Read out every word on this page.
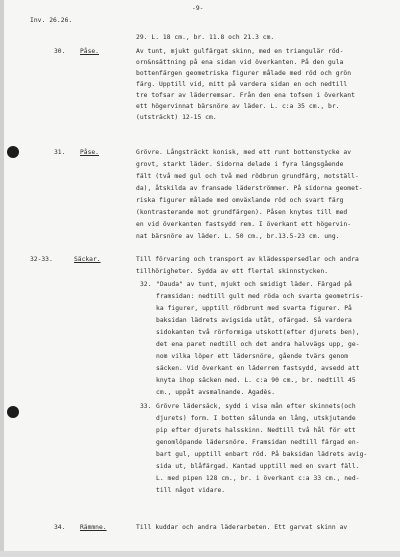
Inv. 26.26.
-9-
29. L. 18 cm., br. 11.8 och 21.3 cm.
30. Påse.	Av tunt, mjukt gulfärgat skinn, med en triangulär röd-
orn&nsättning på ena sidan vid överkanten. På den gula
bottenfärgen geometriska figurer målade med röd och grön
färg. Upptill vid, mitt på vardera sidan en och nedtill
tre tofsar av läderremsar. Från den ena tofsen i överkant
ett högervinnat bärsnöre av läder. L. c:a 35 cm., br.
(utsträckt) 12-15 cm.
31. Påse.	Grövre. Långsträckt konisk, med ett runt bottenstycke av
grovt, starkt läder. Sidorna delade i fyra längsgående
fält (två med gul och två med rödbrun grundfärg, motställ-
da), åtskilda av fransade läderströmmer. På sidorna geomet-
riska figurer målade med omväxlande röd och svart färg
(kontrasterande mot grundfärgen). Påsen knytes till med
en vid överkanten fastsydd rem. I överkant ett högervin-
nat bärsnöre av läder. L. 50 cm., br.13.5-23 cm. ung.
32-33.	Säckar.	Till förvaring och transport av klädesspersedlar och andra
tillhörigheter. Sydda av ett flertal skinnstycken.
32. "Dauda" av tunt, mjukt och smidigt läder. Färgad på
framsidan: nedtill gult med röda och svarta geometris-
ka figurer, upptill rödbrunt med svarta figurer. På
baksidan lädrets avigsida utåt, ofärgad. Så vardera
sidokanten två rörformiga utskott(efter djurets ben),
det ena paret nedtill och det andra halvvägs upp, ge-
nom vilka löper ett lädersnöre, gående tvärs genom
säcken. Vid överkant en läderrem fastsydd, avsedd att
knyta ihop säcken med. L. c:a 90 cm., br. nedtill 45
cm., uppåt avsmalnande. Agadès.
33. Grövre lädersäck, sydd i visa mån efter skinnets(och
djurets) form. I botten sålunda en lång, utskjutande
pip efter djurets halsskinn. Nedtill två hål för ett
genomlöpande lädersnöre. Framsidan nedtill färgad en-
bart gul, upptill enbart röd. På baksidan lädrets avig-
sida ut, blåfärgad. Kantad upptill med en svart fäll.
L. med pipen 128 cm., br. i överkant c:a 33 cm., ned-
till något vidare.
34. Rämmne.	Till kuddar och andra läderarbeten. Ett garvat skinn av
